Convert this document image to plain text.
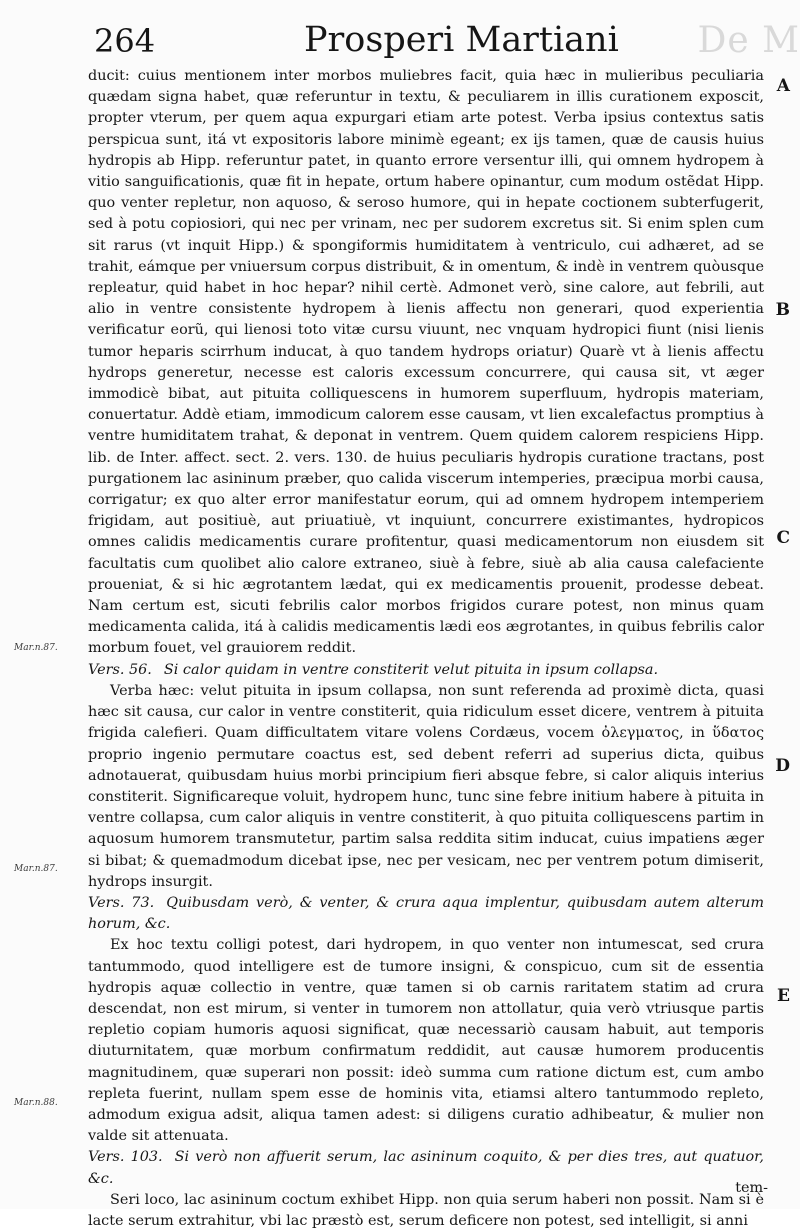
De M
264	Prosperi Martiani
A
B
C
D
E
Mar.n.87.
Mar.n.87.
Mar.n.88.

ducit: cuius mentionem inter morbos muliebres facit, quia hæc in mulieribus peculiaria quædam signa habet, quæ referuntur in textu, & peculiarem in illis curationem exposcit, propter vterum, per quem aqua expurgari etiam arte potest. Verba ipsius contextus satis perspicua sunt, itá vt expositoris labore minimè egeant; ex ijs tamen, quæ de causis huius hydropis ab Hipp. referuntur patet, in quanto errore versentur illi, qui omnem hydropem à vitio sanguificationis, quæ fit in hepate, ortum habere opinantur, cum modum ostẽdat Hipp. quo venter repletur, non aquoso, & seroso humore, qui in hepate coctionem subterfugerit, sed à potu copiosiori, qui nec per vrinam, nec per sudorem excretus sit. Si enim splen cum sit rarus (vt inquit Hipp.) & spongiformis humiditatem à ventriculo, cui adhæret, ad se trahit, eámque per vniuersum corpus distribuit, & in omentum, & indè in ventrem quòusque repleatur, quid habet in hoc hepar? nihil certè. Admonet verò, sine calore, aut febrili, aut alio in ventre consistente hydropem à lienis affectu non generari, quod experientia verificatur eorũ, qui lienosi toto vitæ cursu viuunt, nec vnquam hydropici fiunt (nisi lienis tumor heparis scirrhum inducat, à quo tandem hydrops oriatur) Quarè vt à lienis affectu hydrops generetur, necesse est caloris excessum concurrere, qui causa sit, vt æger immodicè bibat, aut pituita colliquescens in humorem superfluum, hydropis materiam, conuertatur. Addè etiam, immodicum calorem esse causam, vt lien excalefactus promptius à ventre humiditatem trahat, & deponat in ventrem. Quem quidem calorem respiciens Hipp. lib. de Inter. affect. sect. 2. vers. 130. de huius peculiaris hydropis curatione tractans, post purgationem lac asininum præber, quo calida viscerum intemperies, præcipua morbi causa, corrigatur; ex quo alter error manifestatur eorum, qui ad omnem hydropem intemperiem frigidam, aut positiuè, aut priuatiuè, vt inquiunt, concurrere existimantes, hydropicos omnes calidis medicamentis curare profitentur, quasi medicamentorum non eiusdem sit facultatis cum quolibet alio calore extraneo, siuè à febre, siuè ab alia causa calefaciente proueniat, & si hic ægrotantem lædat, qui ex medicamentis prouenit, prodesse debeat. Nam certum est, sicuti febrilis calor morbos frigidos curare potest, non minus quam medicamenta calida, itá à calidis medicamentis lædi eos ægrotantes, in quibus febrilis calor morbum fouet, vel grauiorem reddit.

Vers. 56. Si calor quidam in ventre constiterit velut pituita in ipsum collapsa.

Verba hæc: velut pituita in ipsum collapsa, non sunt referenda ad proximè dicta, quasi hæc sit causa, cur calor in ventre constiterit, quia ridiculum esset dicere, ventrem à pituita frigida calefieri. Quam difficultatem vitare volens Cordæus, vocem ὀλεγματος, in ὕδατος proprio ingenio permutare coactus est, sed debent referri ad superius dicta, quibus adnotauerat, quibusdam huius morbi principium fieri absque febre, si calor aliquis interius constiterit. Significareque voluit, hydropem hunc, tunc sine febre initium habere à pituita in ventre collapsa, cum calor aliquis in ventre constiterit, à quo pituita colliquescens partim in aquosum humorem transmutetur, partim salsa reddita sitim inducat, cuius impatiens æger si bibat; & quemadmodum dicebat ipse, nec per vesicam, nec per ventrem potum dimiserit, hydrops insurgit.

Vers. 73. Quibusdam verò, & venter, & crura aqua implentur, quibusdam autem alterum horum, &c.

Ex hoc textu colligi potest, dari hydropem, in quo venter non intumescat, sed crura tantummodo, quod intelligere est de tumore insigni, & conspicuo, cum sit de essentia hydropis aquæ collectio in ventre, quæ tamen si ob carnis raritatem statim ad crura descendat, non est mirum, si venter in tumorem non attollatur, quia verò vtriusque partis repletio copiam humoris aquosi significat, quæ necessariò causam habuit, aut temporis diuturnitatem, quæ morbum confirmatum reddidit, aut causæ humorem producentis magnitudinem, quæ superari non possit: ideò summa cum ratione dictum est, cum ambo repleta fuerint, nullam spem esse de hominis vita, etiamsi altero tantummodo repleto, admodum exigua adsit, aliqua tamen adest: si diligens curatio adhibeatur, & mulier non valde sit attenuata.

Vers. 103. Si verò non affuerit serum, lac asininum coquito, & per dies tres, aut quatuor, &c.

Seri loco, lac asininum coctum exhibet Hipp. non quia serum haberi non possit. Nam si è lacte serum extrahitur, vbi lac præstò est, serum deficere non potest, sed intelligit, si anni

tem-
